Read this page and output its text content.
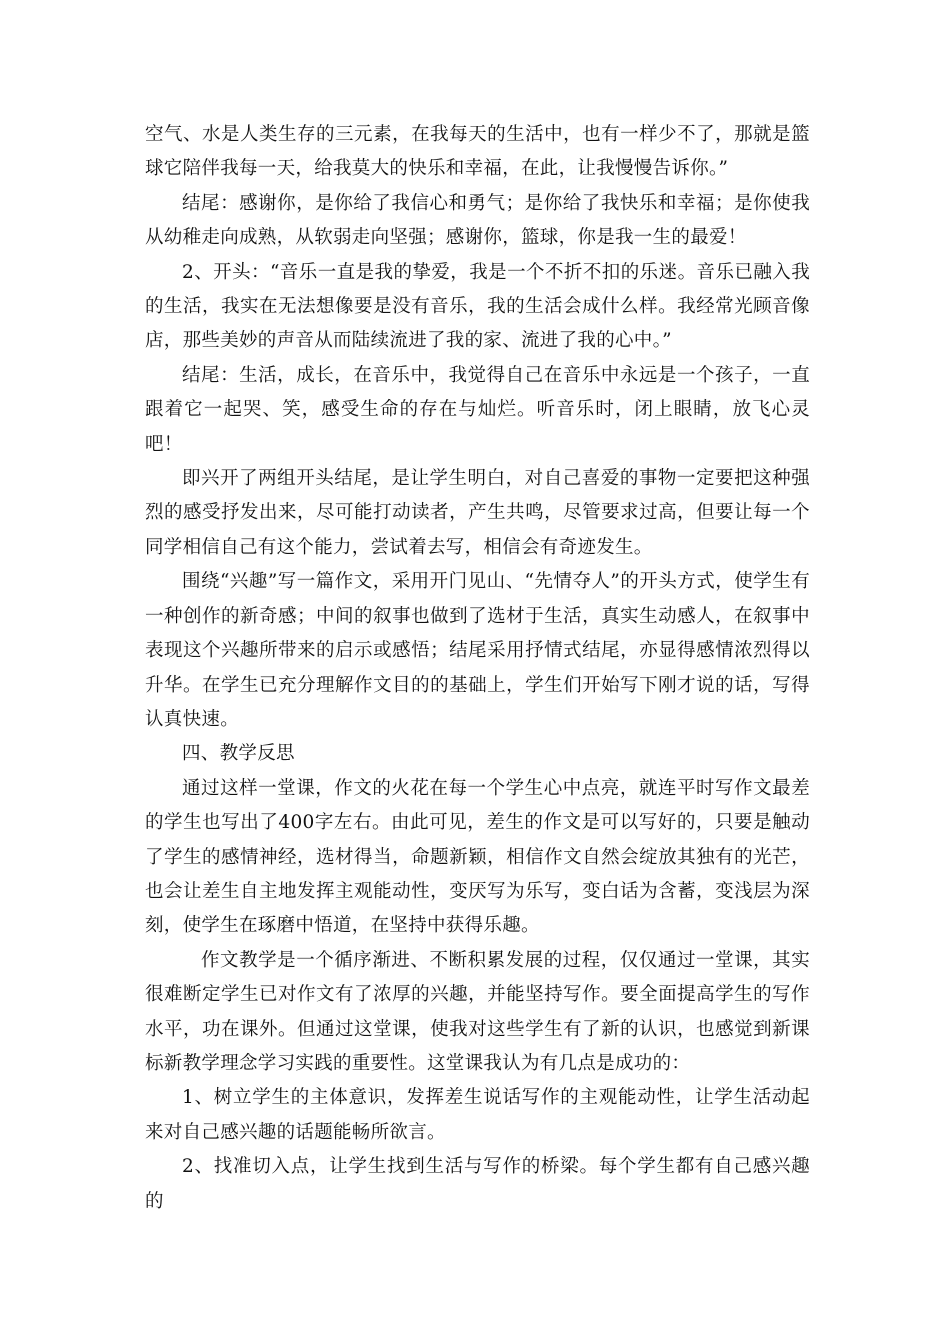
空气、水是人类生存的三元素，在我每天的生活中，也有一样少不了，那就是篮球它陪伴我每一天，给我莫大的快乐和幸福，在此，让我慢慢告诉你。”

结尾：感谢你，是你给了我信心和勇气；是你给了我快乐和幸福；是你使我从幼稚走向成熟，从软弱走向坚强；感谢你，篮球，你是我一生的最爱！

2、开头：“音乐一直是我的挚爱，我是一个不折不扣的乐迷。音乐已融入我的生活，我实在无法想像要是没有音乐，我的生活会成什么样。我经常光顾音像店，那些美妙的声音从而陆续流进了我的家、流进了我的心中。”

结尾：生活，成长，在音乐中，我觉得自己在音乐中永远是一个孩子，一直跟着它一起哭、笑，感受生命的存在与灿烂。听音乐时，闭上眼睛，放飞心灵吧！

即兴开了两组开头结尾，是让学生明白，对自己喜爱的事物一定要把这种强烈的感受抒发出来，尽可能打动读者，产生共鸣，尽管要求过高，但要让每一个同学相信自己有这个能力，尝试着去写，相信会有奇迹发生。

围绕“兴趣”写一篇作文，采用开门见山、“先情夺人”的开头方式，使学生有一种创作的新奇感；中间的叙事也做到了选材于生活，真实生动感人，在叙事中表现这个兴趣所带来的启示或感悟；结尾采用抒情式结尾，亦显得感情浓烈得以升华。在学生已充分理解作文目的的基础上，学生们开始写下刚才说的话，写得认真快速。

四、教学反思

通过这样一堂课，作文的火花在每一个学生心中点亮，就连平时写作文最差的学生也写出了400字左右。由此可见，差生的作文是可以写好的，只要是触动了学生的感情神经，选材得当，命题新颖，相信作文自然会绽放其独有的光芒，也会让差生自主地发挥主观能动性，变厌写为乐写，变白话为含蓄，变浅层为深刻，使学生在琢磨中悟道，在坚持中获得乐趣。

作文教学是一个循序渐进、不断积累发展的过程，仅仅通过一堂课，其实很难断定学生已对作文有了浓厚的兴趣，并能坚持写作。要全面提高学生的写作水平，功在课外。但通过这堂课，使我对这些学生有了新的认识，也感觉到新课标新教学理念学习实践的重要性。这堂课我认为有几点是成功的：

1、树立学生的主体意识，发挥差生说话写作的主观能动性，让学生活动起来对自己感兴趣的话题能畅所欲言。

2、找准切入点，让学生找到生活与写作的桥梁。每个学生都有自己感兴趣的
